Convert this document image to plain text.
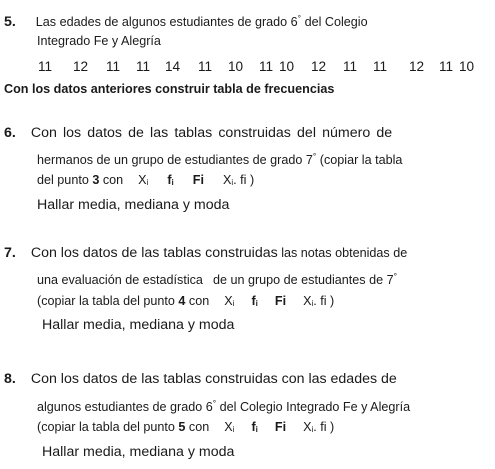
5. Las edades de algunos estudiantes de grado 6° del Colegio
Integrado Fe y Alegría
11 12 11 11 14 11 10 11 10 12 11 11 12 11 10
Con los datos anteriores construir tabla de frecuencias
6. Con los datos de las tablas construidas del número de
hermanos de un grupo de estudiantes de grado 7° (copiar la tabla
del punto 3 con $X_i$ $f_i$ Fi $X_i$. fi )
Hallar media, mediana y moda
7. Con los datos de las tablas construidas las notas obtenidas de
una evaluación de estadística de un grupo de estudiantes de 7°
(copiar la tabla del punto 4 con $X_i$ $f_i$ Fi $X_i$. fi )
Hallar media, mediana y moda
8. Con los datos de las tablas construidas con las edades de
algunos estudiantes de grado 6° del Colegio Integrado Fe y Alegría
(copiar la tabla del punto 5 con $X_i$ $f_i$ Fi $X_i$. fi )
Hallar media, mediana y moda
